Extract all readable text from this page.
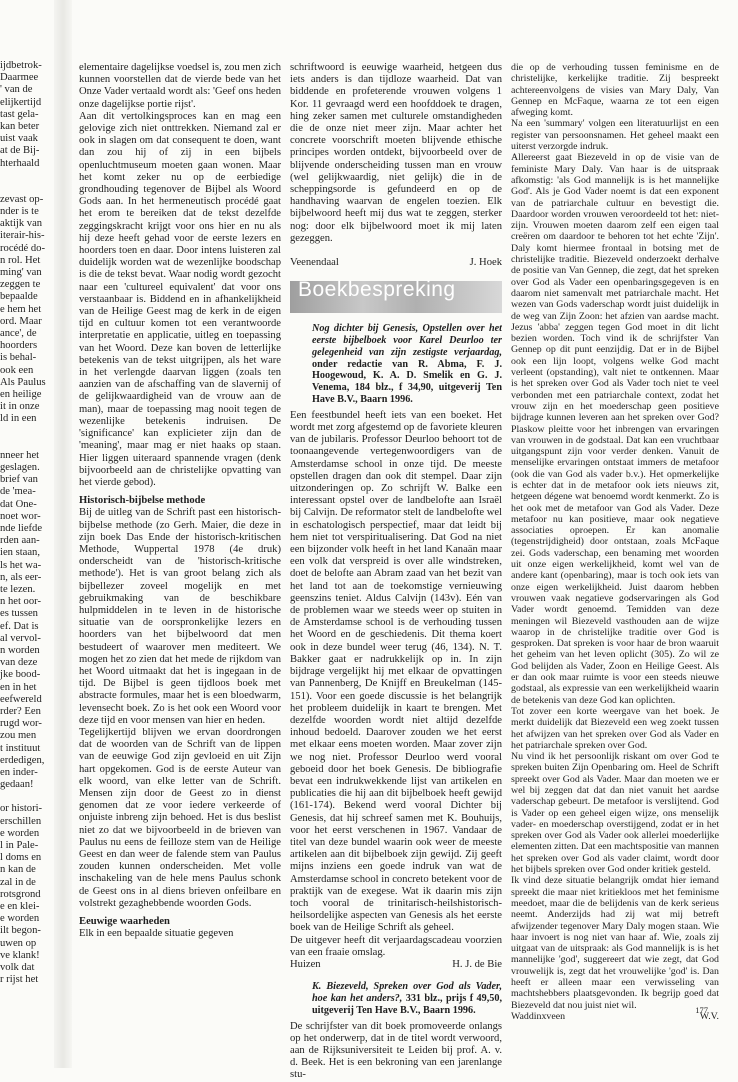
ijdbetrok-
Daarmee
' van de
elijkertijd
tast gela-
kan beter
uist vaak
at de Bij-
hterhaald
zevast op-
nder is te
aktijk van
iterair-his-
rocédé do-
n rol. Het
ming' van
zeggen te
bepaalde
e hem het
ord. Maar
ance', de
hoorders
is behal-
ook een
Als Paulus
en heilige
it in onze
ld in een
nneer het
geslagen.
brief van
de 'mea-
dat One-
noet wor-
nde liefde
rden aan-
ien staan,
ls het wa-
n, als eer-
te lezen.
n het oor-
es tussen
ef. Dat is
al vervol-
n worden
van deze
jke bood-
en in het
eefwereld
rder? Een
rugd wor-
zou men
t instituut
erdedigen,
en inder-
gedaan!
or histori-
erschillen
e worden
l in Pale-
l doms en
n kan de
zal in de
rotsgrond
e en klei-
e worden
ilt begon-
uwen op
ve klank!
volk dat
r rijst het

elementaire dagelijkse voedsel is, zou men zich kunnen voorstellen dat de vierde bede van het Onze Vader vertaald wordt als: 'Geef ons heden onze dagelijkse portie rijst'.

Aan dit vertolkingsproces kan en mag een gelovige zich niet onttrekken. Niemand zal er ook in slagen om dat consequent te doen, want dan zou hij of zij in een bijbels openluchtmuseum moeten gaan wonen. Maar het komt zeker nu op de eerbiedige grondhouding tegenover de Bijbel als Woord Gods aan. In het hermeneutisch procédé gaat het erom te bereiken dat de tekst dezelfde zeggingskracht krijgt voor ons hier en nu als hij deze heeft gehad voor de eerste lezers en hoorders toen en daar. Door intens luisteren zal duidelijk worden wat de wezenlijke boodschap is die de tekst bevat. Waar nodig wordt gezocht naar een 'cultureel equivalent' dat voor ons verstaanbaar is. Biddend en in afhankelijkheid van de Heilige Geest mag de kerk in de eigen tijd en cultuur komen tot een verantwoorde interpretatie en applicatie, uitleg en toepassing van het Woord. Deze kan boven de letterlijke betekenis van de tekst uitgrijpen, als het ware in het verlengde daarvan liggen (zoals ten aanzien van de afschaffing van de slavernij of de gelijkwaardigheid van de vrouw aan de man), maar de toepassing mag nooit tegen de wezenlijke betekenis indruisen. De 'significance' kan explicieter zijn dan de 'meaning', maar mag er niet haaks op staan. Hier liggen uiteraard spannende vragen (denk bijvoorbeeld aan de christelijke opvatting van het vierde gebod).

Historisch-bijbelse methode

Bij de uitleg van de Schrift past een historisch-bijbelse methode (zo Gerh. Maier, die deze in zijn boek Das Ende der historisch-kritischen Methode, Wuppertal 1978 (4e druk) onderscheidt van de 'historisch-kritische methode'). Het is van groot belang zich als bijbellezer zoveel mogelijk en met gebruikmaking van de beschikbare hulpmiddelen in te leven in de historische situatie van de oorspronkelijke lezers en hoorders van het bijbelwoord dat men bestudeert of waarover men mediteert. We mogen het zo zien dat het mede de rijkdom van het Woord uitmaakt dat het is ingegaan in de tijd. De Bijbel is geen tijdloos boek met abstracte formules, maar het is een bloedwarm, levensecht boek. Zo is het ook een Woord voor deze tijd en voor mensen van hier en heden.

Tegelijkertijd blijven we ervan doordrongen dat de woorden van de Schrift van de lippen van de eeuwige God zijn gevloeid en uit Zijn hart opgekomen. God is de eerste Auteur van elk woord, van elke letter van de Schrift. Mensen zijn door de Geest zo in dienst genomen dat ze voor iedere verkeerde of onjuiste inbreng zijn behoed. Het is dus beslist niet zo dat we bijvoorbeeld in de brieven van Paulus nu eens de feilloze stem van de Heilige Geest en dan weer de falende stem van Paulus zouden kunnen onderscheiden. Met volle inschakeling van de hele mens Paulus schonk de Geest ons in al diens brieven onfeilbare en volstrekt gezaghebbende woorden Gods.

Eeuwige waarheden

Elk in een bepaalde situatie gegeven

schriftwoord is eeuwige waarheid, hetgeen dus iets anders is dan tijdloze waarheid. Dat van biddende en profeterende vrouwen volgens 1 Kor. 11 gevraagd werd een hoofddoek te dragen, hing zeker samen met culturele omstandigheden die de onze niet meer zijn. Maar achter het concrete voorschrift moeten blijvende ethische principes worden ontdekt, bijvoorbeeld over de blijvende onderscheiding tussen man en vrouw (wel gelijkwaardig, niet gelijk) die in de scheppingsorde is gefundeerd en op de handhaving waarvan de engelen toezien. Elk bijbelwoord heeft mij dus wat te zeggen, sterker nog: door elk bijbelwoord moet ik mij laten gezeggen.

Veenendaal	J. Hoek
Boekbespreking
Nog dichter bij Genesis, Opstellen over het eerste bijbelboek voor Karel Deurloo ter gelegenheid van zijn zestigste verjaardag, onder redactie van R. Abma, F. J. Hoogewoud, K. A. D. Smelik en G. J. Venema, 184 blz., f 34,90, uitgeverij Ten Have B.V., Baarn 1996.

Een feestbundel heeft iets van een boeket. Het wordt met zorg afgestemd op de favoriete kleuren van de jubilaris. Professor Deurloo behoort tot de toonaangevende vertegenwoordigers van de Amsterdamse school in onze tijd. De meeste opstellen dragen dan ook dit stempel. Daar zijn uitzonderingen op. Zo schrijft W. Balke een interessant opstel over de landbelofte aan Israël bij Calvijn. De reformator stelt de landbelofte wel in eschatologisch perspectief, maar dat leidt bij hem niet tot verspiritualisering. Dat God na niet een bijzonder volk heeft in het land Kanaän maar een volk dat verspreid is over alle windstreken, doet de belofte aan Abram zaad van het bezit van het land tot aan de toekomstige vernieuwing geenszins teniet. Aldus Calvijn (143v). Eén van de problemen waar we steeds weer op stuiten in de Amsterdamse school is de verhouding tussen het Woord en de geschiedenis. Dit thema koert ook in deze bundel weer terug (46, 134). N. T. Bakker gaat er nadrukkelijk op in. In zijn bijdrage vergelijkt hij met elkaar de opvattingen van Pannenberg, De Knijff en Breukelman (145-151). Voor een goede discussie is het belangrijk het probleem duidelijk in kaart te brengen. Met dezelfde woorden wordt niet altijd dezelfde inhoud bedoeld. Daarover zouden we het eerst met elkaar eens moeten worden. Maar zover zijn we nog niet. Professor Deurloo werd vooral geboeid door het boek Genesis. De bibliografie bevat een indrukwekkende lijst van artikelen en publicaties die hij aan dit bijbelboek heeft gewijd (161-174). Bekend werd vooral Dichter bij Genesis, dat hij schreef samen met K. Bouhuijs, voor het eerst verschenen in 1967. Vandaar de titel van deze bundel waarin ook weer de meeste artikelen aan dit bijbelboek zijn gewijd. Zij geeft mijns inziens een goede indruk van wat de Amsterdamse school in concreto betekent voor de praktijk van de exegese. Wat ik daarin mis zijn toch vooral de trinitarisch-heilshistorisch-heilsordelijke aspecten van Genesis als het eerste boek van de Heilige Schrift als geheel.

De uitgever heeft dit verjaardagscadeau voorzien van een fraaie omslag.

Huizen	H. J. de Bie
K. Biezeveld, Spreken over God als Vader, hoe kan het anders?, 331 blz., prijs f 49,50, uitgeverij Ten Have B.V., Baarn 1996.

De schrijfster van dit boek promoveerde onlangs op het onderwerp, dat in de titel wordt verwoord, aan de Rijksuniversiteit te Leiden bij prof. A. v. d. Beek. Het is een bekroning van een jarenlange stu-

die op de verhouding tussen feminisme en de christelijke, kerkelijke traditie. Zij bespreekt achtereenvolgens de visies van Mary Daly, Van Gennep en McFaque, waarna ze tot een eigen afweging komt.

Na een 'summary' volgen een literatuurlijst en een register van persoonsnamen. Het geheel maakt een uiterst verzorgde indruk.

Allereerst gaat Biezeveld in op de visie van de feministe Mary Daly. Van haar is de uitspraak afkomstig: 'als God mannelijk is is het mannelijke God'. Als je God Vader noemt is dat een exponent van de patriarchale cultuur en bevestigt die. Daardoor worden vrouwen veroordeeld tot het: niet-zijn. Vrouwen moeten daarom zelf een eigen taal creëren om daardoor te behoren tot het echte 'Zijn'. Daly komt hiermee frontaal in botsing met de christelijke traditie. Biezeveld onderzoekt derhalve de positie van Van Gennep, die zegt, dat het spreken over God als Vader een openbaringsgegeven is en daarom niet samenvalt met patriarchale macht. Het wezen van Gods vaderschap wordt juist duidelijk in de weg van Zijn Zoon: het afzien van aardse macht. Jezus 'abba' zeggen tegen God moet in dit licht bezien worden. Toch vind ik de schrijfster Van Gennep op dit punt eenzijdig. Dat er in de Bijbel ook een lijn loopt, volgens welke God macht verleent (opstanding), valt niet te ontkennen. Maar is het spreken over God als Vader toch niet te veel verbonden met een patriarchale context, zodat het vrouw zijn en het moederschap geen positieve bijdrage kunnen leveren aan het spreken over God? Plaskow pleitte voor het inbrengen van ervaringen van vrouwen in de godstaal. Dat kan een vruchtbaar uitgangspunt zijn voor verder denken. Vanuit de menselijke ervaringen ontstaat immers de metafoor (ook die van God als vader b.v.). Het opmerkelijke is echter dat in de metafoor ook iets nieuws zit, hetgeen dégene wat benoemd wordt kenmerkt. Zo is het ook met de metafoor van God als Vader. Deze metafoor nu kan positieve, maar ook negatieve associaties oproepen. Er kan anomalie (tegenstrijdigheid) door ontstaan, zoals McFaque zei. Gods vaderschap, een benaming met woorden uit onze eigen werkelijkheid, komt wel van de andere kant (openbaring), maar is toch ook iets van onze eigen werkelijkheid. Juist daarom hebben vrouwen vaak negatieve godservaringen als God Vader wordt genoemd. Temidden van deze meningen wil Biezeveld vasthouden aan de wijze waarop in de christelijke traditie over God is gesproken. Dat spreken is voor haar de bron waaruit het geheim van het leven oplicht (305). Zo wil ze God belijden als Vader, Zoon en Heilige Geest. Als er dan ook maar ruimte is voor een steeds nieuwe godstaal, als expressie van een werkelijkheid waarin de betekenis van deze God kan oplichten.

Tot zover een korte weergave van het boek. Je merkt duidelijk dat Biezeveld een weg zoekt tussen het afwijzen van het spreken over God als Vader en het patriarchale spreken over God.

Nu vind ik het persoonlijk riskant om over God te spreken buiten Zijn Openbaring om. Heel de Schrift spreekt over God als Vader. Maar dan moeten we er wel bij zeggen dat dat dan niet vanuit het aardse vaderschap gebeurt. De metafoor is verslijtend. God is Vader op een geheel eigen wijze, ons menselijk vader- en moederschap overstijgend, zodat er in het spreken over God als Vader ook allerlei moederlijke elementen zitten. Dat een machtspositie van mannen het spreken over God als vader claimt, wordt door het bijbels spreken over God onder kritiek gesteld.

Ik vind deze situatie belangrijk omdat hier iemand spreekt die maar niet kritiekloos met het feminisme meedoet, maar die de belijdenis van de kerk serieus neemt. Anderzijds had zij wat mij betreft afwijzender tegenover Mary Daly mogen staan. Wie haar invoert is nog niet van haar af. Wie, zoals zij uitgaat van de uitspraak: als God mannelijk is is het mannelijke 'god', suggereert dat wie zegt, dat God vrouwelijk is, zegt dat het vrouwelijke 'god' is. Dan heeft er alleen maar een verwisseling van machtshebbers plaatsgevonden. Ik begrijp goed dat Biezeveld dat nou juist niet wil.

Waddinxveen	W.V.
177
